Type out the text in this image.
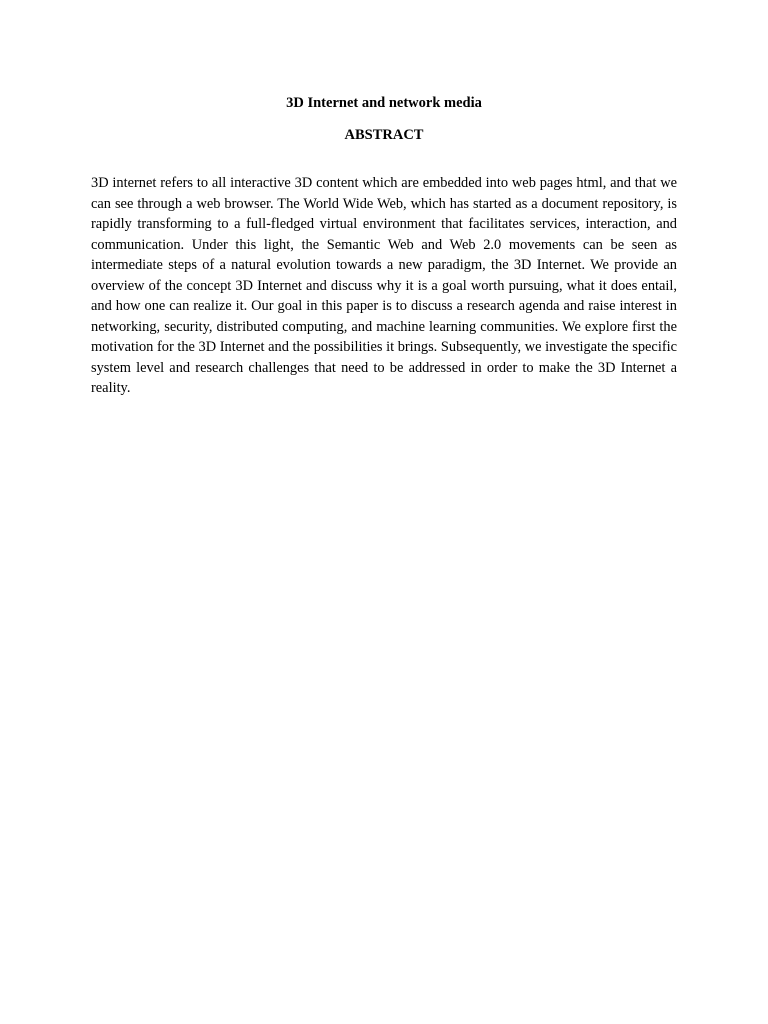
3D Internet and network media
ABSTRACT

3D internet refers to all interactive 3D content which are embedded into web pages html, and that we can see through a web browser. The World Wide Web, which has started as a document repository, is rapidly transforming to a full-fledged virtual environment that facilitates services, interaction, and communication. Under this light, the Semantic Web and Web 2.0 movements can be seen as intermediate steps of a natural evolution towards a new paradigm, the 3D Internet. We provide an overview of the concept 3D Internet and discuss why it is a goal worth pursuing, what it does entail, and how one can realize it. Our goal in this paper is to discuss a research agenda and raise interest in networking, security, distributed computing, and machine learning communities. We explore first the motivation for the 3D Internet and the possibilities it brings. Subsequently, we investigate the specific system level and research challenges that need to be addressed in order to make the 3D Internet a reality.
